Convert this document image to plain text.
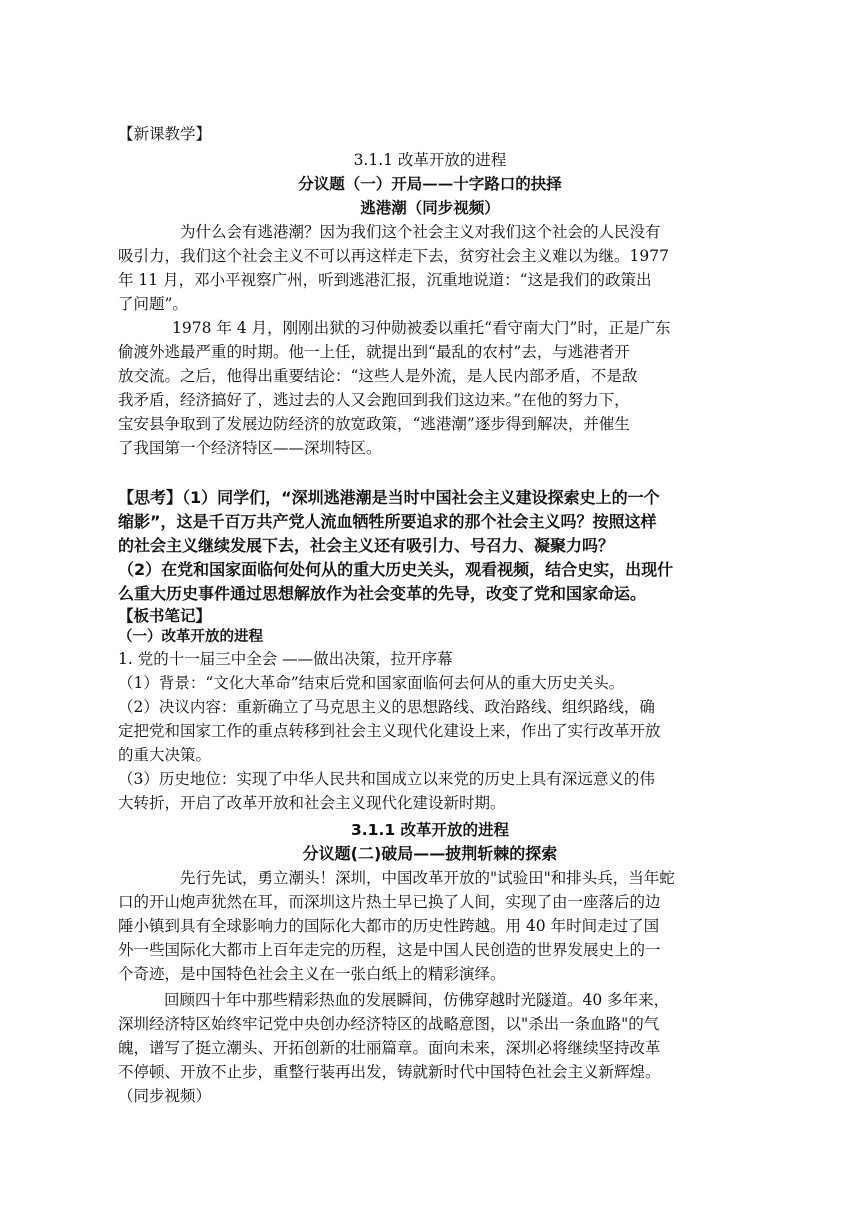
【新课教学】
3.1.1 改革开放的进程
分议题（一）开局——十字路口的抉择
逃港潮（同步视频）
为什么会有逃港潮？因为我们这个社会主义对我们这个社会的人民没有
吸引力，我们这个社会主义不可以再这样走下去，贫穷社会主义难以为继。1977
年 11 月，邓小平视察广州，听到逃港汇报，沉重地说道：“这是我们的政策出
了问题”。
1978 年 4 月，刚刚出狱的习仲勋被委以重托“看守南大门”时，正是广东
偷渡外逃最严重的时期。他一上任，就提出到“最乱的农村”去，与逃港者开
放交流。之后，他得出重要结论：“这些人是外流，是人民内部矛盾，不是敌
我矛盾，经济搞好了，逃过去的人又会跑回到我们这边来。”在他的努力下，
宝安县争取到了发展边防经济的放宽政策，“逃港潮”逐步得到解决，并催生
了我国第一个经济特区——深圳特区。
【思考】（1）同学们，“深圳逃港潮是当时中国社会主义建设探索史上的一个
缩影”，这是千百万共产党人流血牺牲所要追求的那个社会主义吗？按照这样
的社会主义继续发展下去，社会主义还有吸引力、号召力、凝聚力吗？
（2）在党和国家面临何处何从的重大历史关头，观看视频，结合史实，出现什
么重大历史事件通过思想解放作为社会变革的先导，改变了党和国家命运。
【板书笔记】
（一）改革开放的进程
1. 党的十一届三中全会 ——做出决策，拉开序幕
（1）背景：“文化大革命”结束后党和国家面临何去何从的重大历史关头。
（2）决议内容：重新确立了马克思主义的思想路线、政治路线、组织路线，确
定把党和国家工作的重点转移到社会主义现代化建设上来，作出了实行改革开放
的重大决策。
（3）历史地位：实现了中华人民共和国成立以来党的历史上具有深远意义的伟
大转折，开启了改革开放和社会主义现代化建设新时期。
3.1.1 改革开放的进程
分议题(二)破局——披荆斩棘的探索
先行先试，勇立潮头！深圳，中国改革开放的"试验田"和排头兵，当年蛇
口的开山炮声犹然在耳，而深圳这片热土早已换了人间，实现了由一座落后的边
陲小镇到具有全球影响力的国际化大都市的历史性跨越。用 40 年时间走过了国
外一些国际化大都市上百年走完的历程，这是中国人民创造的世界发展史上的一
个奇迹，是中国特色社会主义在一张白纸上的精彩演绎。
回顾四十年中那些精彩热血的发展瞬间，仿佛穿越时光隧道。40 多年来，
深圳经济特区始终牢记党中央创办经济特区的战略意图，以"杀出一条血路"的气
魄，谱写了挺立潮头、开拓创新的壮丽篇章。面向未来，深圳必将继续坚持改革
不停顿、开放不止步，重整行装再出发，铸就新时代中国特色社会主义新辉煌。
（同步视频）
